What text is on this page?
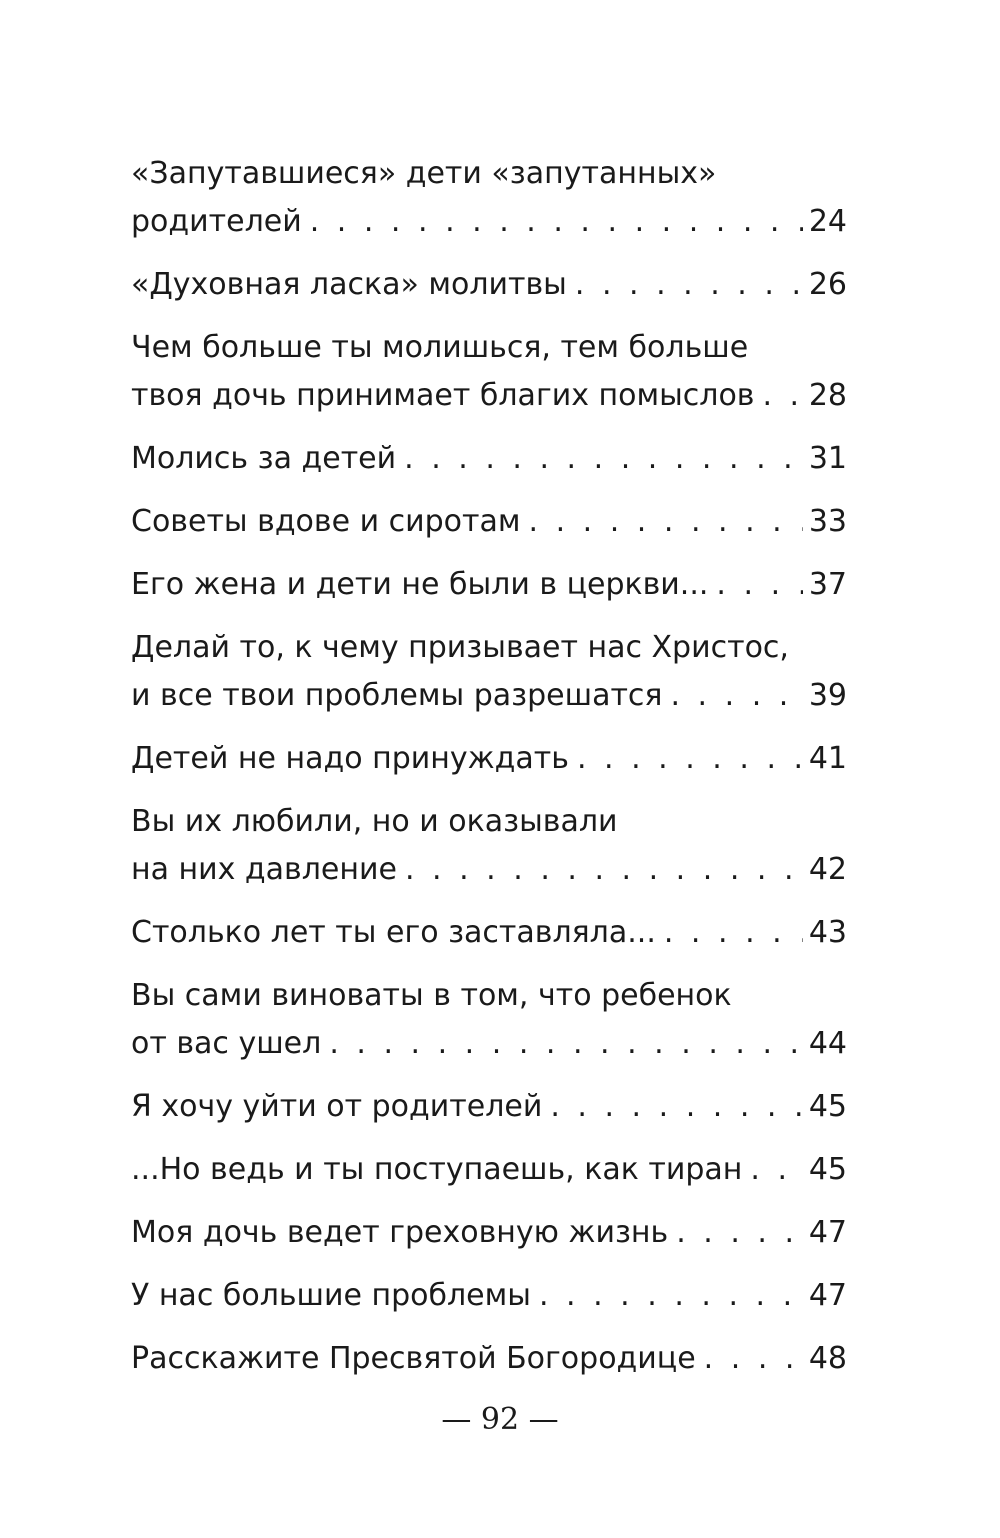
«Запутавшиеся» дети «запутанных»
родителей . . .	24
«Духовная ласка» молитвы . . .	26
Чем больше ты молишься, тем больше
твоя дочь принимает благих помыслов . . . 28
Молись за детей . . .	31
Советы вдове и сиротам . . .	33
Его жена и дети не были в церкви... . . .	37
Делай то, к чему призывает нас Христос,
и все твои проблемы разрешатся . . .	39
Детей не надо принуждать . . .	41
Вы их любили, но и оказывали
на них давление . . .	42
Столько лет ты его заставляла... . . .	43
Вы сами виноваты в том, что ребенок
от вас ушел . . .	44
Я хочу уйти от родителей . . .	45
...Но ведь и ты поступаешь, как тиран . . . 45
Моя дочь ведет греховную жизнь . . .	47
У нас большие проблемы . . .	47
Расскажите Пресвятой Богородице . . .	48
— 92 —
